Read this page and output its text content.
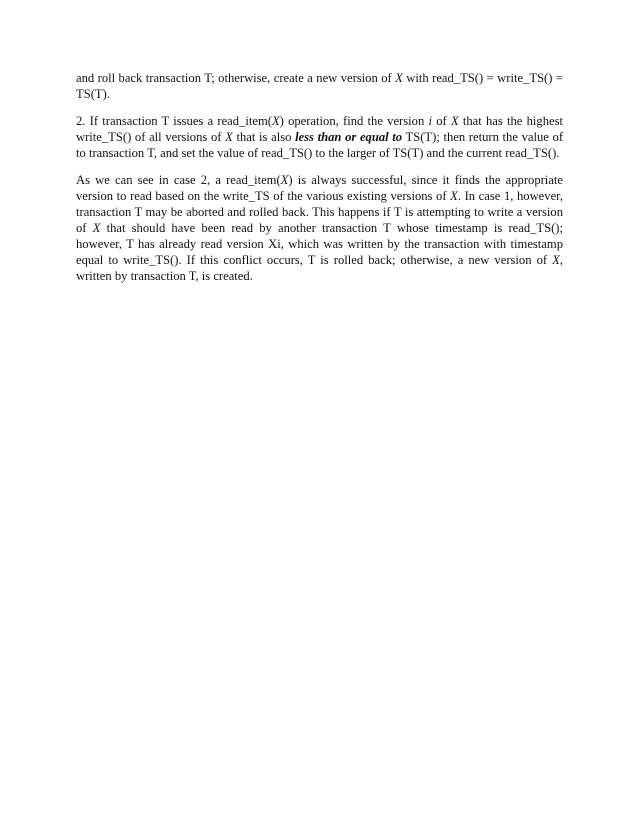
and roll back transaction T; otherwise, create a new version of X with read_TS() = write_TS() = TS(T).

2. If transaction T issues a read_item(X) operation, find the version i of X that has the highest write_TS() of all versions of X that is also less than or equal to TS(T); then return the value of to transaction T, and set the value of read_TS() to the larger of TS(T) and the current read_TS().

As we can see in case 2, a read_item(X) is always successful, since it finds the appropriate version to read based on the write_TS of the various existing versions of X. In case 1, however, transaction T may be aborted and rolled back. This happens if T is attempting to write a version of X that should have been read by another transaction T whose timestamp is read_TS(); however, T has already read version Xi, which was written by the transaction with timestamp equal to write_TS(). If this conflict occurs, T is rolled back; otherwise, a new version of X, written by transaction T, is created.
